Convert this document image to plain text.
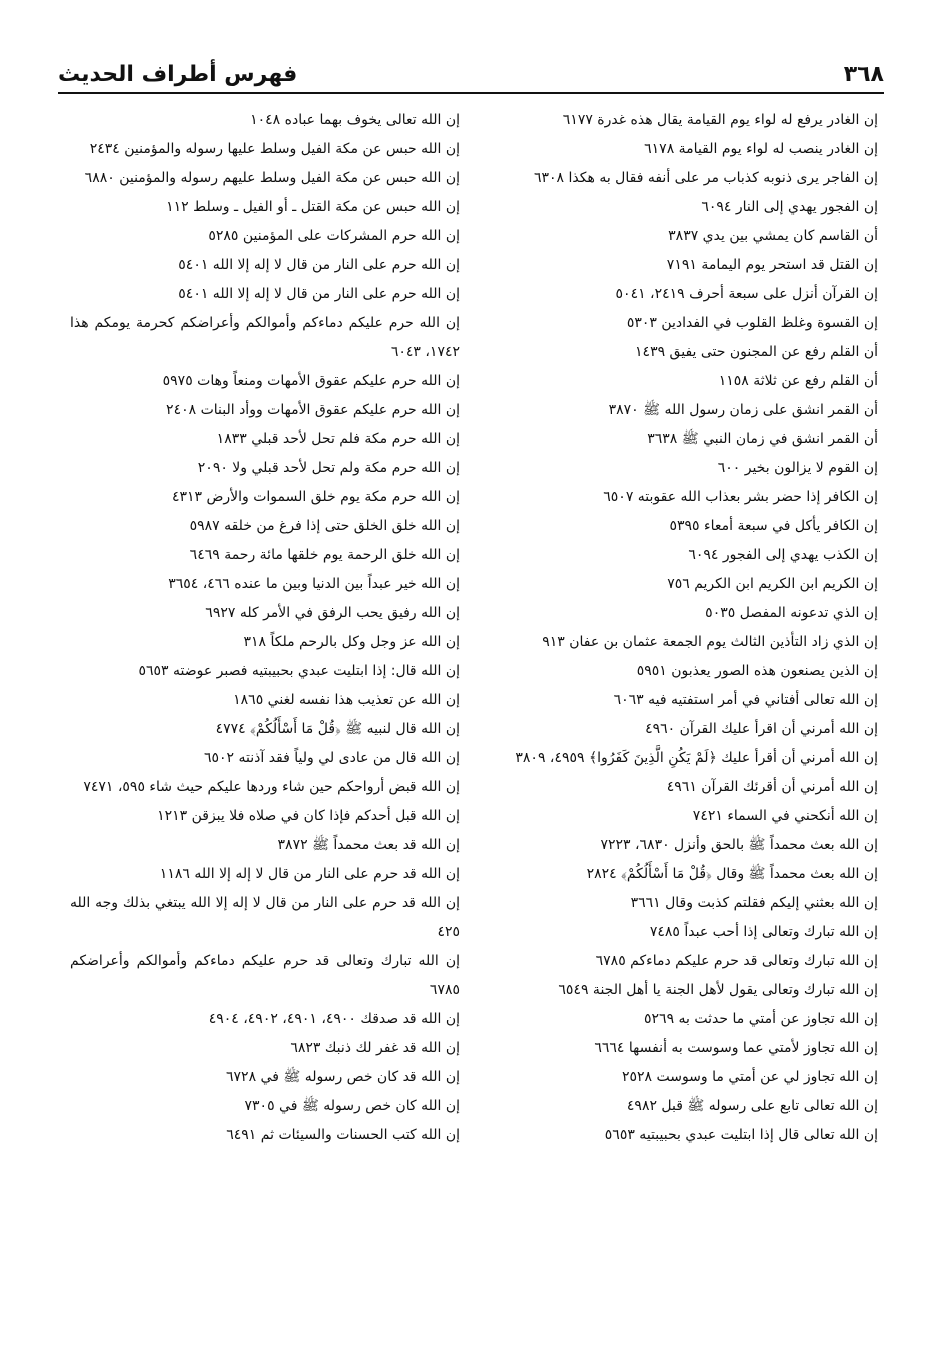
فهرس أطراف الحديث	٣٦٨
إن الغادر يرفع له لواء يوم القيامة يقال هذه غدرة ٦١٧٧
إن الغادر ينصب له لواء يوم القيامة ٦١٧٨
إن الفاجر يرى ذنوبه كذباب مر على أنفه فقال به هكذا ٦٣٠٨
إن الفجور يهدي إلى النار ٦٠٩٤
أن القاسم كان يمشي بين يدي ٣٨٣٧
إن القتل قد استحر يوم اليمامة ٧١٩١
إن القرآن أنزل على سبعة أحرف ٢٤١٩، ٥٠٤١
إن القسوة وغلظ القلوب في الفدادين ٥٣٠٣
أن القلم رفع عن المجنون حتى يفيق ١٤٣٩
أن القلم رفع عن ثلاثة ١١٥٨
أن القمر انشق على زمان رسول الله ﷺ ٣٨٧٠
أن القمر انشق في زمان النبي ﷺ ٣٦٣٨
إن القوم لا يزالون بخير ٦٠٠
إن الكافر إذا حضر بشر بعذاب الله عقوبته ٦٥٠٧
إن الكافر يأكل في سبعة أمعاء ٥٣٩٥
إن الكذب يهدي إلى الفجور ٦٠٩٤
إن الكريم ابن الكريم ابن الكريم ٧٥٦
إن الذي تدعونه المفصل ٥٠٣٥
إن الذي زاد التأذين الثالث يوم الجمعة عثمان بن عفان ٩١٣
إن الذين يصنعون هذه الصور يعذبون ٥٩٥١
إن الله تعالى أفتاني في أمر استفتيه فيه ٦٠٦٣
إن الله أمرني أن اقرأ عليك القرآن ٤٩٦٠
إن الله أمرني أن أقرأ عليك ﴿لَمْ يَكُنِ الَّذِينَ كَفَرُوا﴾ ٤٩٥٩، ٣٨٠٩
إن الله أمرني أن أقرئك القرآن ٤٩٦١
إن الله أنكحني في السماء ٧٤٢١
إن الله بعث محمداً ﷺ بالحق وأنزل ٦٨٣٠، ٧٢٢٣
إن الله بعث محمداً ﷺ وقال ﴿قُلْ مَا أَسْأَلُكُمْ﴾ ٢٨٢٤
إن الله بعثني إليكم فقلتم كذبت وقال ٣٦٦١
إن الله تبارك وتعالى إذا أحب عبداً ٧٤٨٥
إن الله تبارك وتعالى قد حرم عليكم دماءكم ٦٧٨٥
إن الله تبارك وتعالى يقول لأهل الجنة يا أهل الجنة ٦٥٤٩
إن الله تجاوز عن أمتي ما حدثت به ٥٢٦٩
إن الله تجاوز لأمتي عما وسوست به أنفسها ٦٦٦٤
إن الله تجاوز لي عن أمتي ما وسوست ٢٥٢٨
إن الله تعالى تابع على رسوله ﷺ قبل ٤٩٨٢
إن الله تعالى قال إذا ابتليت عبدي بحبيبتيه ٥٦٥٣
إن الله تعالى يخوف بهما عباده ١٠٤٨
إن الله حبس عن مكة الفيل وسلط عليها رسوله والمؤمنين ٢٤٣٤
إن الله حبس عن مكة الفيل وسلط عليهم رسوله والمؤمنين ٦٨٨٠
إن الله حبس عن مكة القتل ـ أو الفيل ـ وسلط ١١٢
إن الله حرم المشركات على المؤمنين ٥٢٨٥
إن الله حرم على النار من قال لا إله إلا الله ٥٤٠١
إن الله حرم على النار من قال لا إله إلا الله ٥٤٠١
إن الله حرم عليكم دماءكم وأموالكم وأعراضكم كحرمة يومكم هذا ١٧٤٢، ٦٠٤٣
إن الله حرم عليكم عقوق الأمهات ومنعاً وهات ٥٩٧٥
إن الله حرم عليكم عقوق الأمهات ووأد البنات ٢٤٠٨
إن الله حرم مكة فلم تحل لأحد قبلي ١٨٣٣
إن الله حرم مكة ولم تحل لأحد قبلي ولا ٢٠٩٠
إن الله حرم مكة يوم خلق السموات والأرض ٤٣١٣
إن الله خلق الخلق حتى إذا فرغ من خلقه ٥٩٨٧
إن الله خلق الرحمة يوم خلقها مائة رحمة ٦٤٦٩
إن الله خير عبداً بين الدنيا وبين ما عنده ٤٦٦، ٣٦٥٤
إن الله رفيق يحب الرفق في الأمر كله ٦٩٢٧
إن الله عز وجل وكل بالرحم ملكاً ٣١٨
إن الله قال: إذا ابتليت عبدي بحبيبتيه فصبر عوضته ٥٦٥٣
إن الله عن تعذيب هذا نفسه لغني ١٨٦٥
إن الله قال لنبيه ﷺ ﴿قُلْ مَا أَسْأَلُكُمْ﴾ ٤٧٧٤
إن الله قال من عادى لي ولياً فقد آذنته ٦٥٠٢
إن الله قبض أرواحكم حين شاء وردها عليكم حيث شاء ٥٩٥، ٧٤٧١
إن الله قبل أحدكم فإذا كان في صلاه فلا يبزقن ١٢١٣
إن الله قد بعث محمداً ﷺ ٣٨٧٢
إن الله قد حرم على النار من قال لا إله إلا الله ١١٨٦
إن الله قد حرم على النار من قال لا إله إلا الله يبتغي بذلك وجه الله ٤٢٥
إن الله تبارك وتعالى قد حرم عليكم دماءكم وأموالكم وأعراضكم ٦٧٨٥
إن الله قد صدقك ٤٩٠٠، ٤٩٠١، ٤٩٠٢، ٤٩٠٤
إن الله قد غفر لك ذنبك ٦٨٢٣
إن الله قد كان خص رسوله ﷺ في ٦٧٢٨
إن الله كان خص رسوله ﷺ في ٧٣٠٥
إن الله كتب الحسنات والسيئات ثم ٦٤٩١
